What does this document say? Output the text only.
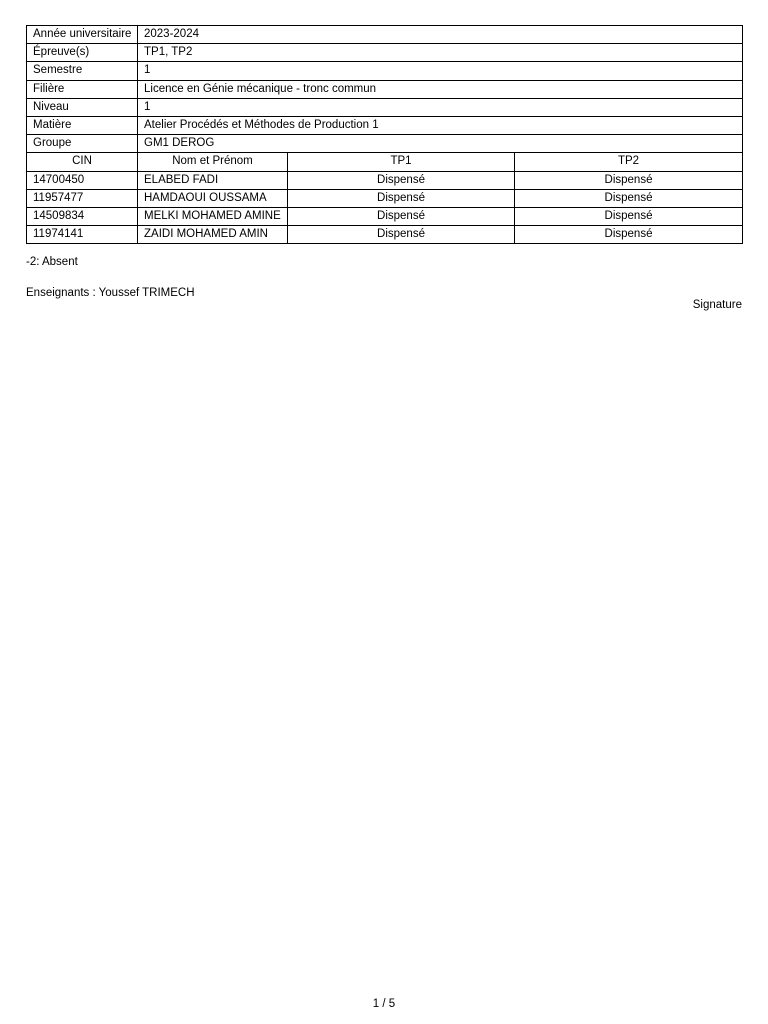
Année universitaire	2023-2024		
Épreuve(s)	TP1, TP2		
Semestre	1		
Filière	Licence en Génie mécanique - tronc commun		
Niveau	1		
Matière	Atelier Procédés et Méthodes de Production 1		
Groupe	GM1 DEROG		
CIN	Nom et Prénom	TP1	TP2
14700450	ELABED FADI	Dispensé	Dispensé
11957477	HAMDAOUI OUSSAMA	Dispensé	Dispensé
14509834	MELKI MOHAMED AMINE	Dispensé	Dispensé
11974141	ZAIDI MOHAMED AMIN	Dispensé	Dispensé
-2: Absent
Enseignants : Youssef TRIMECH
Signature
1 / 5
